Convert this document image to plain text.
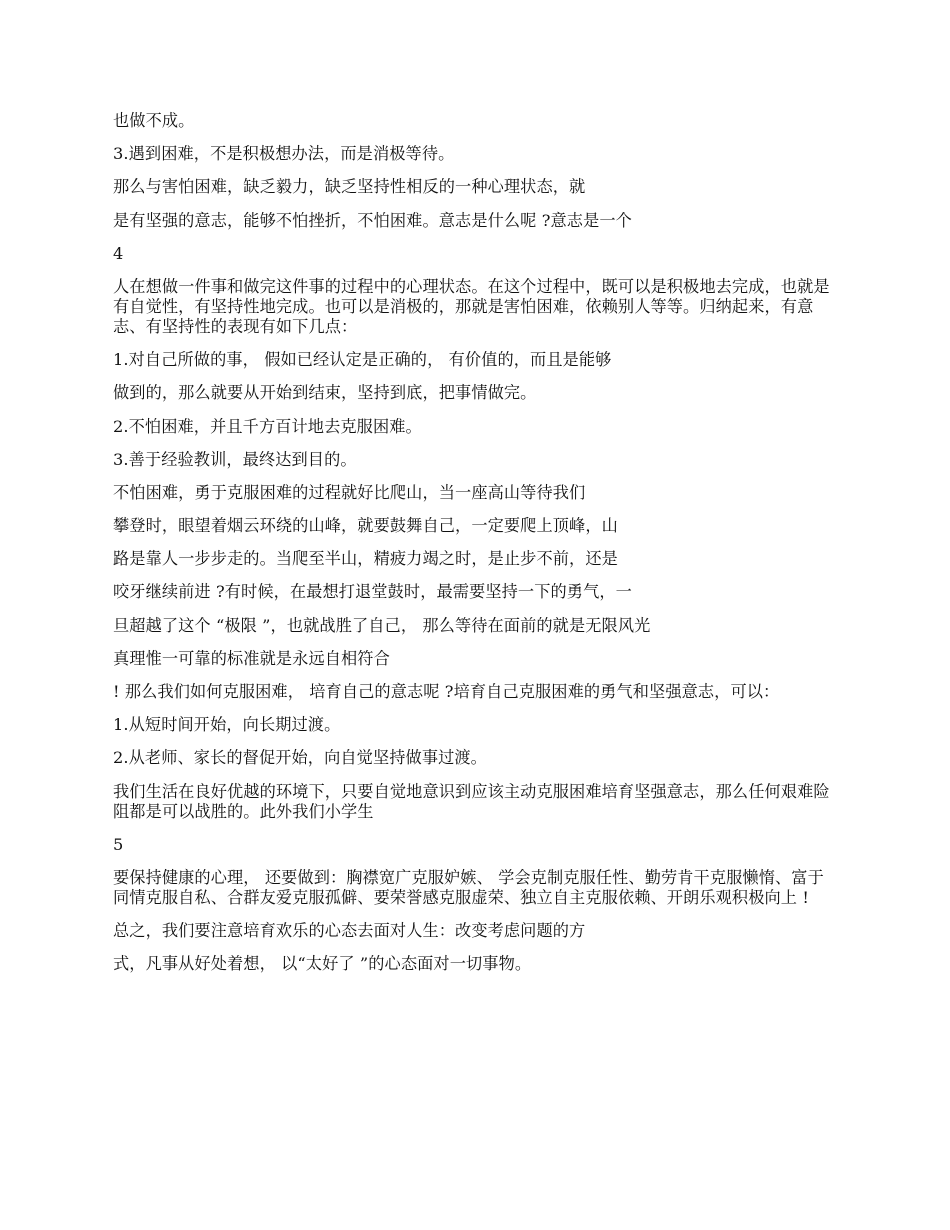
也做不成。

3.遇到困难，不是积极想办法，而是消极等待。

那么与害怕困难，缺乏毅力，缺乏坚持性相反的一种心理状态，就

是有坚强的意志，能够不怕挫折，不怕困难。意志是什么呢 ?意志是一个

4

人在想做一件事和做完这件事的过程中的心理状态。在这个过程中，既可以是积极地去完成，也就是有自觉性，有坚持性地完成。也可以是消极的，那就是害怕困难，依赖别人等等。归纳起来，有意志、有坚持性的表现有如下几点：

1.对自己所做的事， 假如已经认定是正确的， 有价值的，而且是能够

做到的，那么就要从开始到结束，坚持到底，把事情做完。

2.不怕困难，并且千方百计地去克服困难。

3.善于经验教训，最终达到目的。

不怕困难，勇于克服困难的过程就好比爬山，当一座高山等待我们

攀登时，眼望着烟云环绕的山峰，就要鼓舞自己，一定要爬上顶峰，山

路是靠人一步步走的。当爬至半山，精疲力竭之时，是止步不前，还是

咬牙继续前进 ?有时候，在最想打退堂鼓时，最需要坚持一下的勇气，一

旦超越了这个 “极限 ”，也就战胜了自己， 那么等待在面前的就是无限风光

真理惟一可靠的标准就是永远自相符合

! 那么我们如何克服困难， 培育自己的意志呢 ?培育自己克服困难的勇气和坚强意志，可以：

1.从短时间开始，向长期过渡。

2.从老师、家长的督促开始，向自觉坚持做事过渡。

我们生活在良好优越的环境下，只要自觉地意识到应该主动克服困难培育坚强意志，那么任何艰难险阻都是可以战胜的。此外我们小学生

5

要保持健康的心理， 还要做到：胸襟宽广克服妒嫉、 学会克制克服任性、勤劳肯干克服懒惰、富于同情克服自私、合群友爱克服孤僻、要荣誉感克服虚荣、独立自主克服依赖、开朗乐观积极向上 !

总之，我们要注意培育欢乐的心态去面对人生：改变考虑问题的方

式，凡事从好处着想， 以“太好了 ”的心态面对一切事物。
